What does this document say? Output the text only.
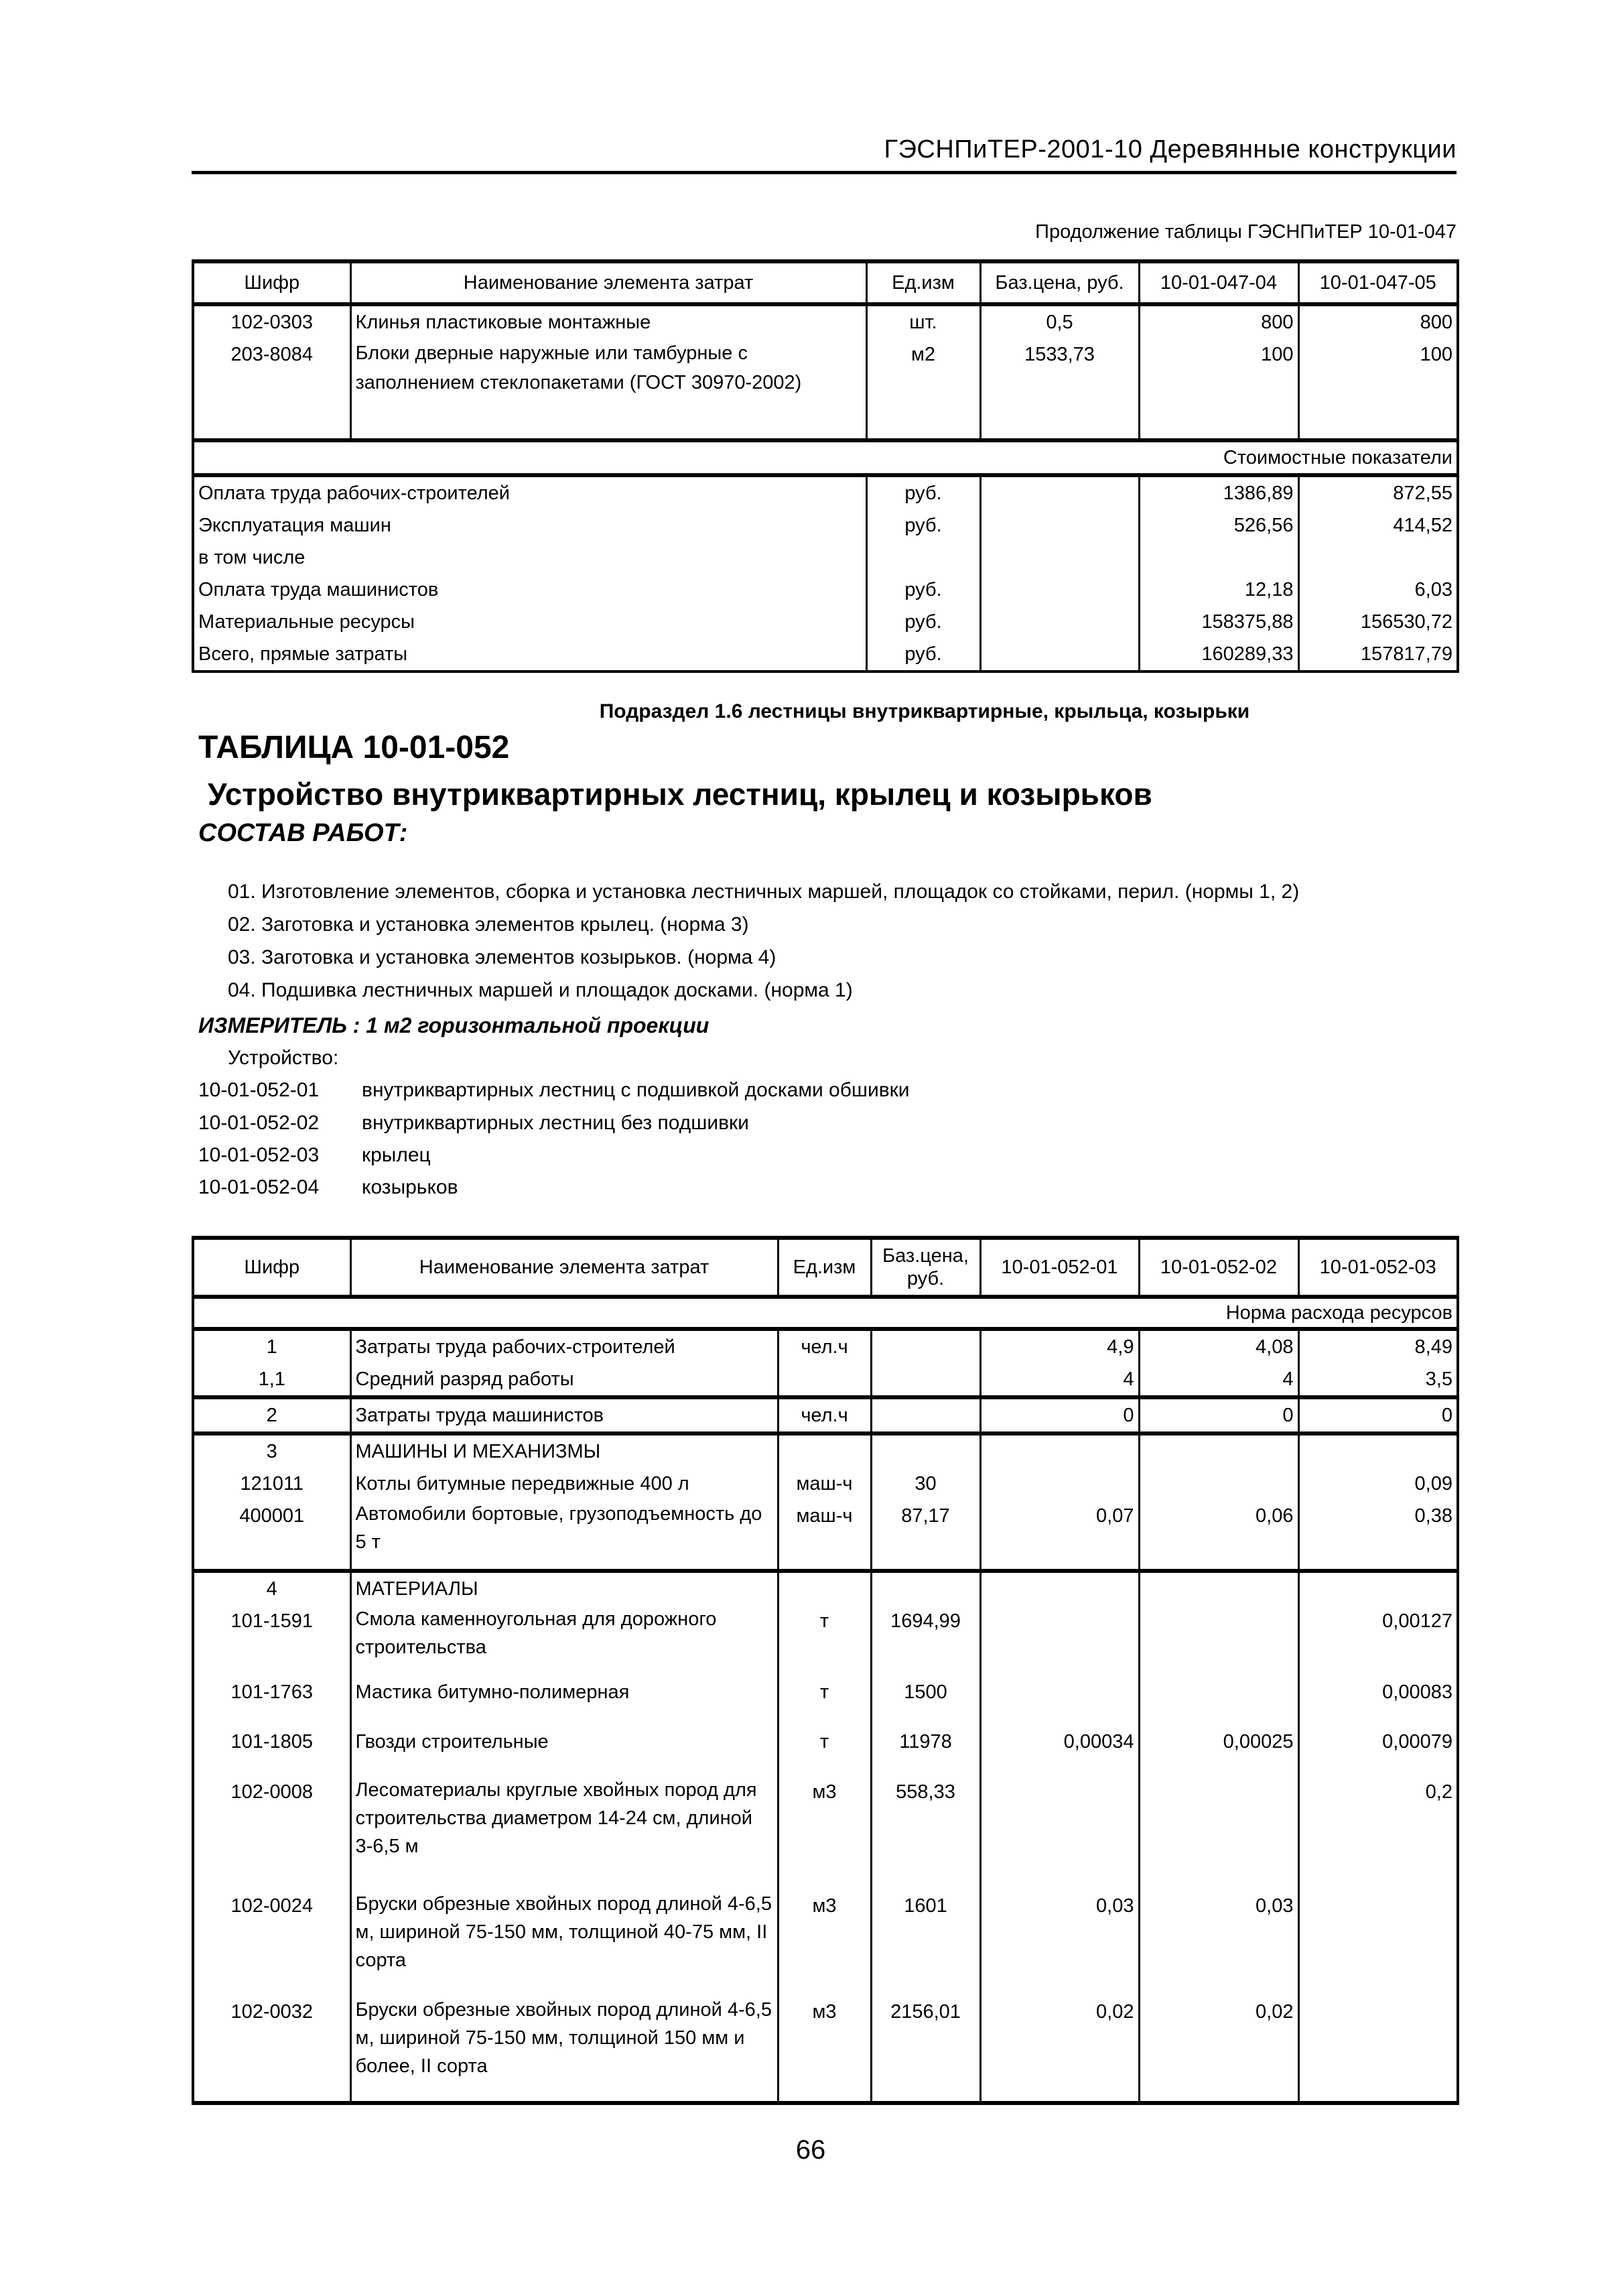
ГЭСНПиТЕР-2001-10 Деревянные конструкции
Продолжение таблицы ГЭСНПиТЕР 10-01-047
Шифр	Наименование элемента затрат	Ед.изм	Баз.цена, руб.	10-01-047-04	10-01-047-05
102-0303	Клинья пластиковые монтажные	шт.	0,5	800	800
203-8084	Блоки дверные наружные или тамбурные с заполнением стеклопакетами (ГОСТ 30970-2002)	м2	1533,73	100	100
Стоимостные показатели					
Оплата труда рабочих-строителей		руб.		1386,89	872,55
Эксплуатация машин		руб.		526,56	414,52
в том числе					
Оплата труда машинистов		руб.		12,18	6,03
Материальные ресурсы		руб.		158375,88	156530,72
Всего, прямые затраты		руб.		160289,33	157817,79
Подраздел 1.6 лестницы внутриквартирные, крыльца, козырьки
ТАБЛИЦА 10-01-052
Устройство внутриквартирных лестниц, крылец и козырьков
СОСТАВ РАБОТ:
01. Изготовление элементов, сборка и установка лестничных маршей, площадок со стойками, перил. (нормы 1, 2)
02. Заготовка и установка элементов крылец. (норма 3)
03. Заготовка и установка элементов козырьков. (норма 4)
04. Подшивка лестничных маршей и площадок досками. (норма 1)
ИЗМЕРИТЕЛЬ : 1 м2 горизонтальной проекции
Устройство:
10-01-052-01 внутриквартирных лестниц с подшивкой досками обшивки
10-01-052-02 внутриквартирных лестниц без подшивки
10-01-052-03 крылец
10-01-052-04 козырьков
Шифр	Наименование элемента затрат	Ед.изм	Баз.цена, руб.	10-01-052-01	10-01-052-02	10-01-052-03
Норма расхода ресурсов						
1	Затраты труда рабочих-строителей	чел.ч		4,9	4,08	8,49
1,1	Средний разряд работы			4	4	3,5
2	Затраты труда машинистов	чел.ч		0	0	0
3	МАШИНЫ И МЕХАНИЗМЫ					
121011	Котлы битумные передвижные 400 л	маш-ч	30			0,09
400001	Автомобили бортовые, грузоподъемность до 5 т	маш-ч	87,17	0,07	0,06	0,38
4	МАТЕРИАЛЫ					
101-1591	Смола каменноугольная для дорожного строительства	т	1694,99			0,00127
101-1763	Мастика битумно-полимерная	т	1500			0,00083
101-1805	Гвозди строительные	т	11978	0,00034	0,00025	0,00079
102-0008	Лесоматериалы круглые хвойных пород для строительства диаметром 14-24 см, длиной 3-6,5 м	м3	558,33			0,2
102-0024	Бруски обрезные хвойных пород длиной 4-6,5 м, шириной 75-150 мм, толщиной 40-75 мм, II сорта	м3	1601	0,03	0,03	
102-0032	Бруски обрезные хвойных пород длиной 4-6,5 м, шириной 75-150 мм, толщиной 150 мм и более, II сорта	м3	2156,01	0,02	0,02	
66
